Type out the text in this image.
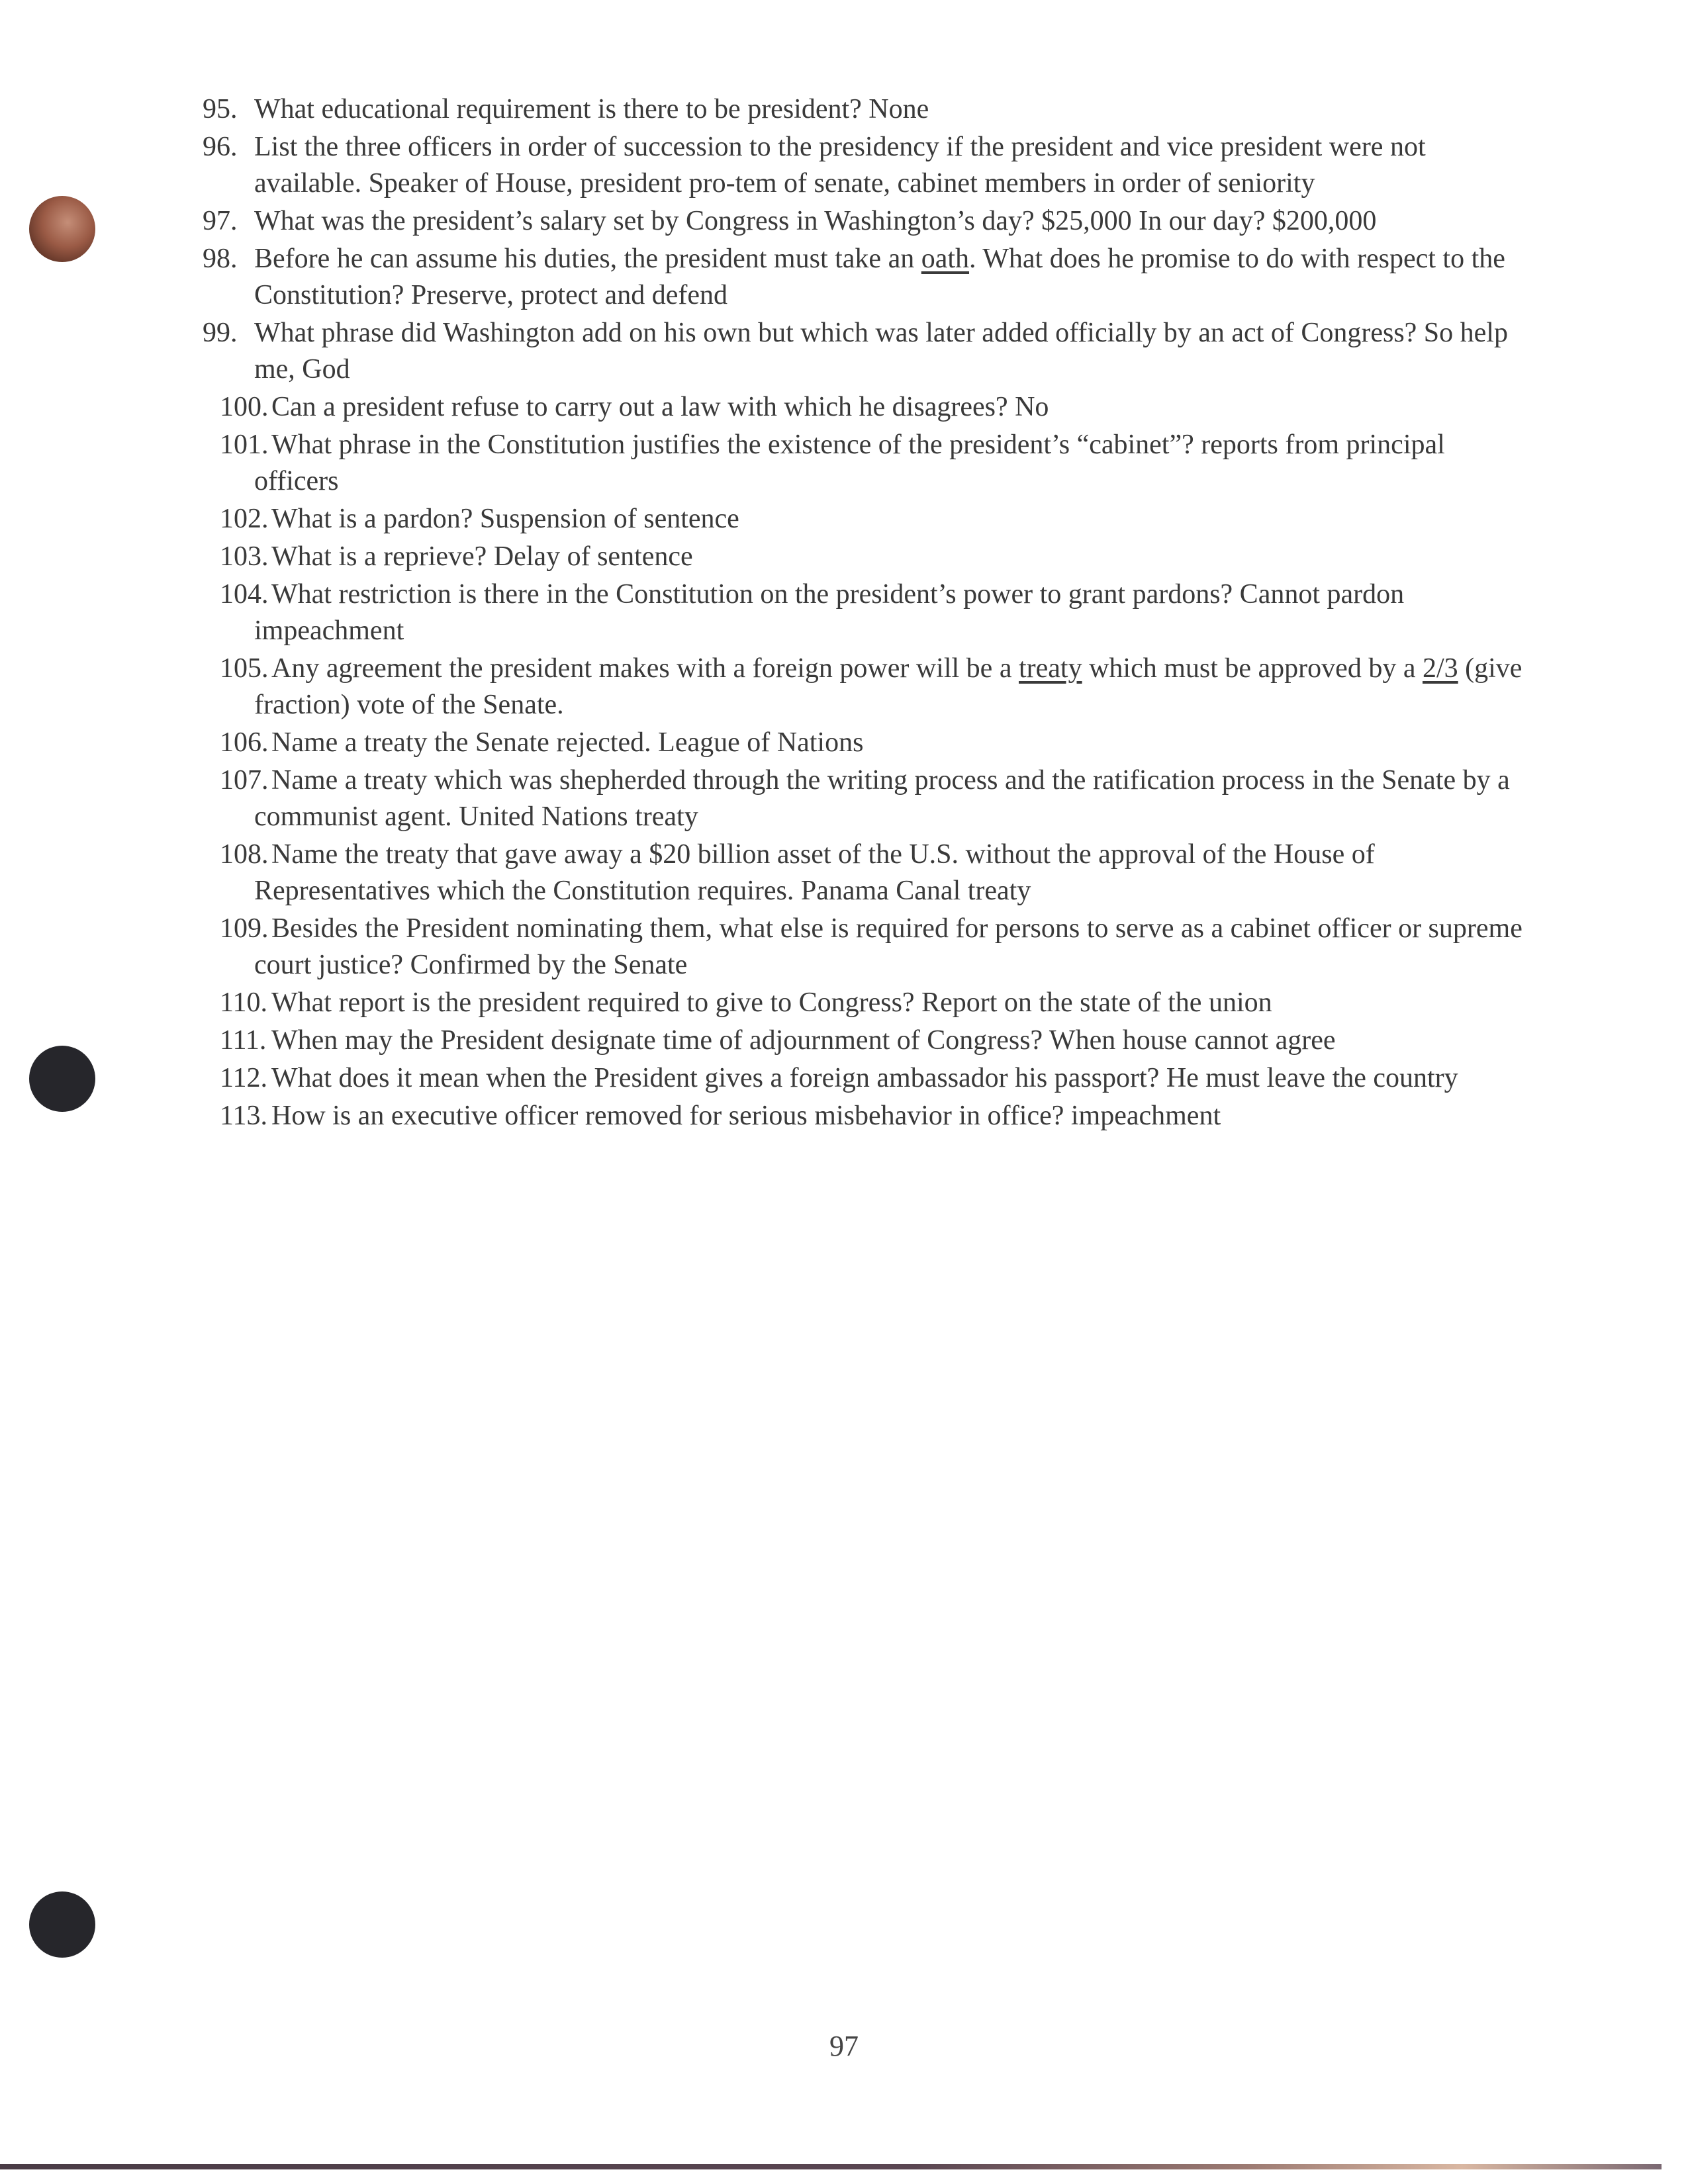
95. What educational requirement is there to be president? None
96. List the three officers in order of succession to the presidency if the president and vice president were not available. Speaker of House, president pro-tem of senate, cabinet members in order of seniority
97. What was the president’s salary set by Congress in Washington’s day? $25,000 In our day? $200,000
98. Before he can assume his duties, the president must take an oath. What does he promise to do with respect to the Constitution? Preserve, protect and defend
99. What phrase did Washington add on his own but which was later added officially by an act of Congress? So help me, God
100. Can a president refuse to carry out a law with which he disagrees? No
101. What phrase in the Constitution justifies the existence of the president’s “cabinet”? reports from principal officers
102. What is a pardon? Suspension of sentence
103. What is a reprieve? Delay of sentence
104. What restriction is there in the Constitution on the president’s power to grant pardons? Cannot pardon impeachment
105. Any agreement the president makes with a foreign power will be a treaty which must be approved by a 2/3 (give fraction) vote of the Senate.
106. Name a treaty the Senate rejected. League of Nations
107. Name a treaty which was shepherded through the writing process and the ratification process in the Senate by a communist agent. United Nations treaty
108. Name the treaty that gave away a $20 billion asset of the U.S. without the approval of the House of Representatives which the Constitution requires. Panama Canal treaty
109. Besides the President nominating them, what else is required for persons to serve as a cabinet officer or supreme court justice? Confirmed by the Senate
110. What report is the president required to give to Congress? Report on the state of the union
111. When may the President designate time of adjournment of Congress? When house cannot agree
112. What does it mean when the President gives a foreign ambassador his passport? He must leave the country
113. How is an executive officer removed for serious misbehavior in office? impeachment
97
